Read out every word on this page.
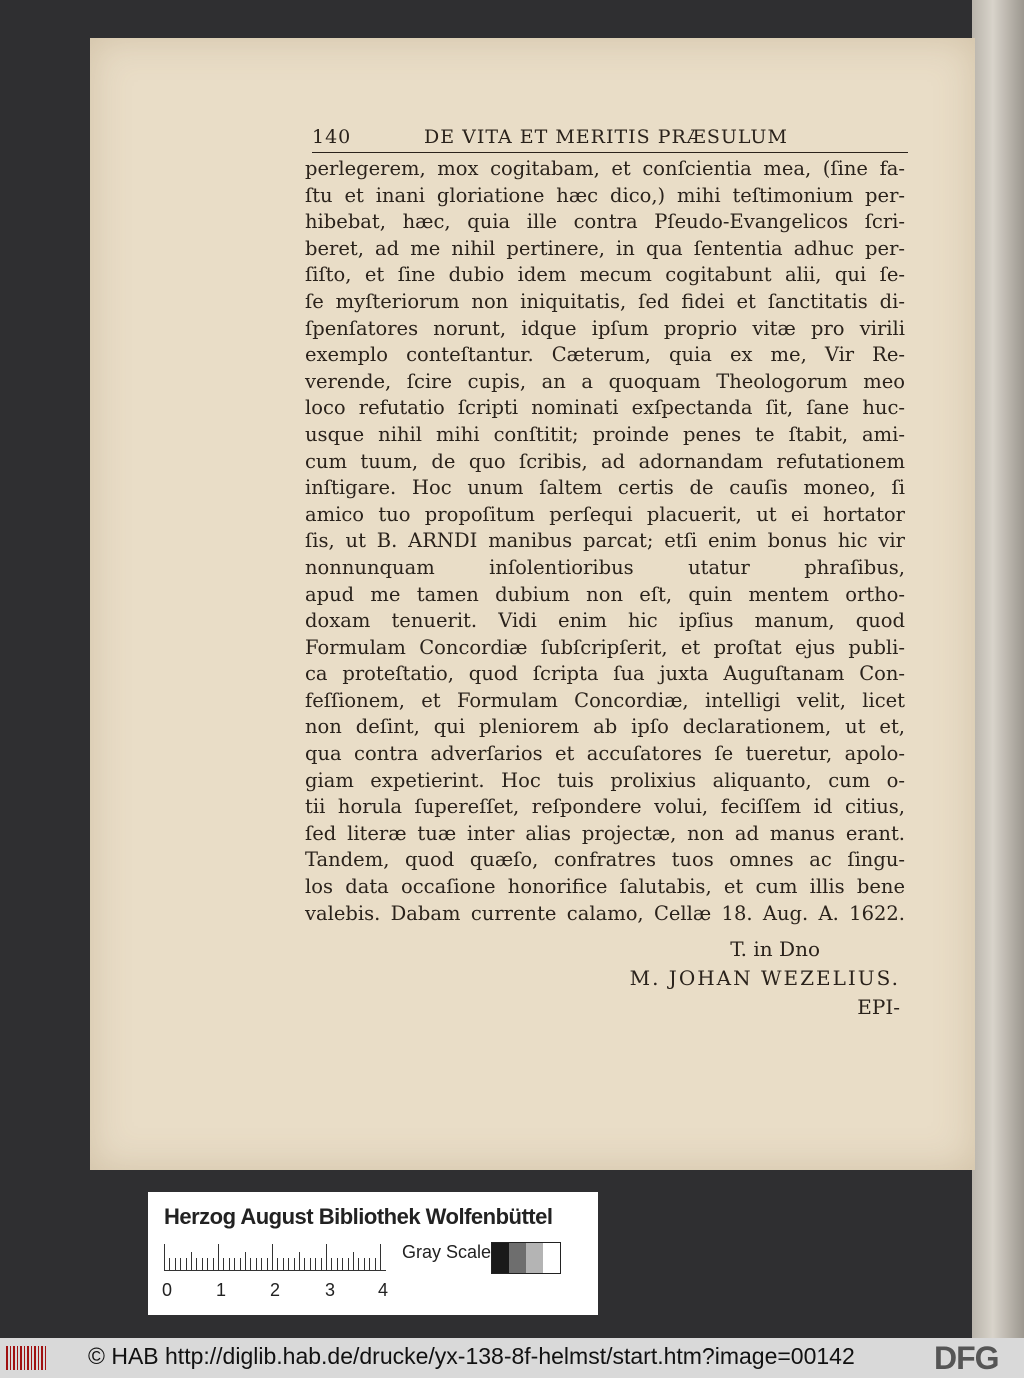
140	DE VITA ET MERITIS PRÆSULUM
perlegerem, mox cogitabam, et conſcientia mea, (ſine fa-
ſtu et inani gloriatione hæc dico,) mihi teſtimonium per-
hibebat, hæc, quia ille contra Pſeudo-Evangelicos ſcri-
beret, ad me nihil pertinere, in qua ſententia adhuc per-
ſiſto, et ſine dubio idem mecum cogitabunt alii, qui ſe-
ſe myſteriorum non iniquitatis, ſed fidei et ſanctitatis di-
ſpenſatores norunt, idque ipſum proprio vitæ pro virili
exemplo conteſtantur. Cæterum, quia ex me, Vir Re-
verende, ſcire cupis, an a quoquam Theologorum meo
loco refutatio ſcripti nominati exſpectanda ſit, ſane huc-
usque nihil mihi conſtitit; proinde penes te ſtabit, ami-
cum tuum, de quo ſcribis, ad adornandam refutationem
inſtigare. Hoc unum ſaltem certis de cauſis moneo, ſi
amico tuo propoſitum perſequi placuerit, ut ei hortator
ſis, ut B. ARNDI manibus parcat; etſi enim bonus hic vir
nonnunquam inſolentioribus utatur phraſibus,
apud me tamen dubium non eſt, quin mentem ortho-
doxam tenuerit. Vidi enim hic ipſius manum, quod
Formulam Concordiæ ſubſcripſerit, et proſtat ejus publi-
ca proteſtatio, quod ſcripta ſua juxta Auguſtanam Con-
feſſionem, et Formulam Concordiæ, intelligi velit, licet
non deſint, qui pleniorem ab ipſo declarationem, ut et,
qua contra adverſarios et accuſatores ſe tueretur, apolo-
giam expetierint. Hoc tuis prolixius aliquanto, cum o-
tii horula ſupereſſet, reſpondere volui, feciſſem id citius,
ſed literæ tuæ inter alias projectæ, non ad manus erant.
Tandem, quod quæſo, confratres tuos omnes ac ſingu-
los data occaſione honorifice ſalutabis, et cum illis bene
valebis. Dabam currente calamo, Cellæ 18. Aug. A. 1622.
T. in Dno
M. JOHAN WEZELIUS.
EPI-
Herzog August Bibliothek Wolfenbüttel
0 1 2 3 4
Gray Scale
© HAB http://diglib.hab.de/drucke/yx-138-8f-helmst/start.htm?image=00142 DFG
